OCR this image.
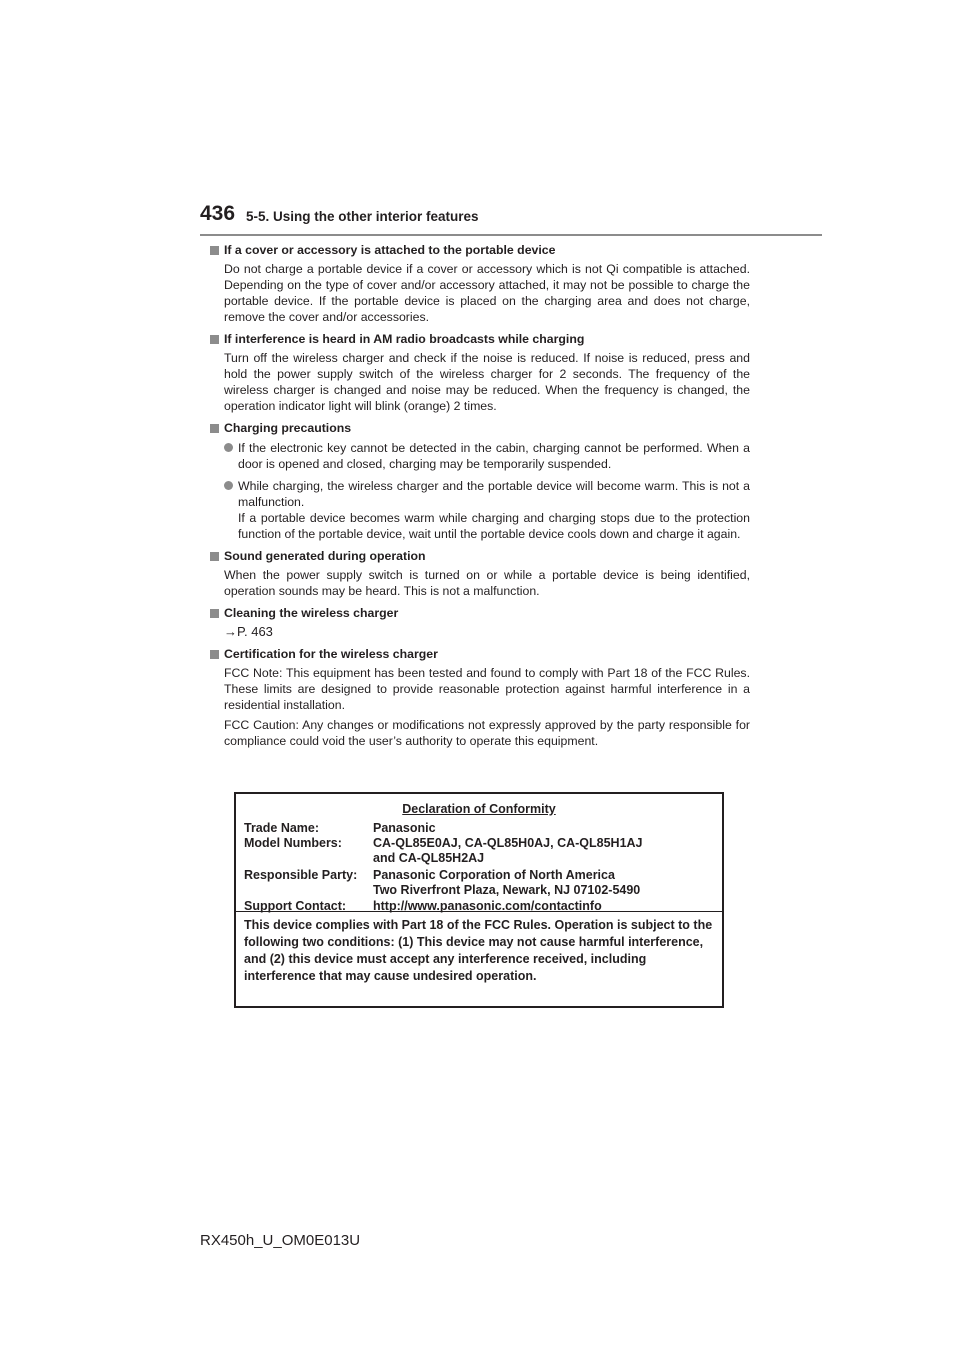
436 5-5. Using the other interior features
If a cover or accessory is attached to the portable device

Do not charge a portable device if a cover or accessory which is not Qi compatible is attached. Depending on the type of cover and/or accessory attached, it may not be possible to charge the portable device. If the portable device is placed on the charging area and does not charge, remove the cover and/or accessories.

If interference is heard in AM radio broadcasts while charging

Turn off the wireless charger and check if the noise is reduced. If noise is reduced, press and hold the power supply switch of the wireless charger for 2 seconds. The frequency of the wireless charger is changed and noise may be reduced. When the frequency is changed, the operation indicator light will blink (orange) 2 times.

Charging precautions
If the electronic key cannot be detected in the cabin, charging cannot be performed. When a door is opened and closed, charging may be temporarily suspended.
While charging, the wireless charger and the portable device will become warm. This is not a malfunction.
If a portable device becomes warm while charging and charging stops due to the protection function of the portable device, wait until the portable device cools down and charge it again.
Sound generated during operation

When the power supply switch is turned on or while a portable device is being identified, operation sounds may be heard. This is not a malfunction.

Cleaning the wireless charger
→P. 463
Certification for the wireless charger

FCC Note: This equipment has been tested and found to comply with Part 18 of the FCC Rules. These limits are designed to provide reasonable protection against harmful interference in a residential installation.

FCC Caution: Any changes or modifications not expressly approved by the party responsible for compliance could void the user’s authority to operate this equipment.

Declaration of Conformity
Trade Name:	Panasonic
Model Numbers: CA-QL85E0AJ, CA-QL85H0AJ, CA-QL85H1AJ
and CA-QL85H2AJ
Responsible Party: Panasonic Corporation of North America
Two Riverfront Plaza, Newark, NJ 07102-5490
Support Contact: http://www.panasonic.com/contactinfo
This device complies with Part 18 of the FCC Rules. Operation is subject to the following two conditions: (1) This device may not cause harmful interference, and (2) this device must accept any interference received, including interference that may cause undesired operation.
RX450h_U_OM0E013U
